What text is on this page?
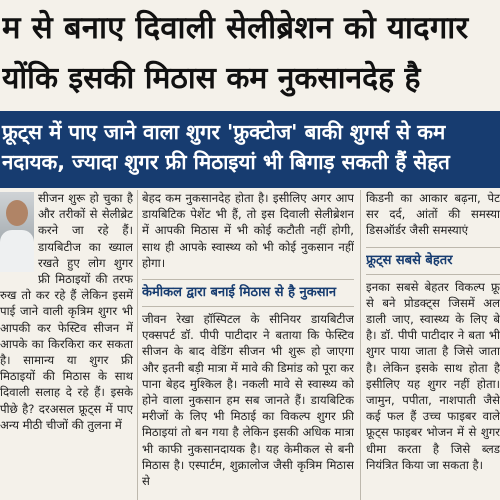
म से बनाए दिवाली सेलीब्रेशन को यादगार
योंकि इसकी मिठास कम नुकसानदेह है
फ्रूट्स में पाए जाने वाला शुगर 'फ्रुक्टोज' बाकी शुगर्स से कम
नदायक, ज्यादा शुगर फ्री मिठाइयां भी बिगाड़ सकती हैं सेहत

सीजन शुरू हो चुका है और तरीकों से सेलीब्रेट करने जा रहे हैं। डायबिटीज का ख्याल रखते हुए लोग शुगर फ्री मिठाइयों की तरफ रुख तो कर रहे हैं लेकिन इसमें पाई जाने वाली कृत्रिम शुगर भी आपकी कर फेस्टिव सीजन में आपके का किरकिरा कर सकता है। सामान्य या शुगर फ्री मिठाइयों की मिठास के साथ दिवाली सलाह दे रहे हैं। इसके पीछे है? दरअसल फ्रूट्स में पाए अन्य मीठी चीजों की तुलना में

बेहद कम नुकसानदेह होता है। इसीलिए अगर आप डायबिटिक पेशेंट भी हैं, तो इस दिवाली सेलीब्रेशन में आपकी मिठास में भी कोई कटौती नहीं होगी, साथ ही आपके स्वास्थ्य को भी कोई नुकसान नहीं होगा।

केमीकल द्वारा बनाई मिठास से है नुकसान

जीवन रेखा हॉस्पिटल के सीनियर डायबिटीज एक्सपर्ट डॉ. पीपी पाटीदार ने बताया कि फेस्टिव सीजन के बाद वेडिंग सीजन भी शुरू हो जाएगा और इतनी बड़ी मात्रा में मावे की डिमांड को पूरा कर पाना बेहद मुश्किल है। नकली मावे से स्वास्थ्य को होने वाला नुकसान हम सब जानते हैं। डायबिटिक मरीजों के लिए भी मिठाई का विकल्प शुगर फ्री मिठाइयां तो बन गया है लेकिन इसकी अधिक मात्रा भी काफी नुकसानदायक है। यह केमीकल से बनी मिठास है। एस्पार्टम, शुक्रालोज जैसी कृत्रिम मिठास से

किडनी का आकार बढ़ना, पेट सर दर्द, आंतों की समस्या डिसऑर्डर जैसी समस्याएं

फ्रूट्स सबसे बेहतर

इनका सबसे बेहतर विकल्प फ्रू से बने प्रोडक्ट्स जिसमें अल डाली जाए, स्वास्थ्य के लिए बे है। डॉ. पीपी पाटीदार ने बता भी शुगर पाया जाता है जिसे जाता है। लेकिन इसके साथ होता है इसीलिए यह शुगर नहीं होता। जामुन, पपीता, नाशपाती जैसे कई फल हैं उच्च फाइबर वाले फ्रूट्स फाइबर भोजन में से शुगर धीमा करता है जिसे ब्लड नियंत्रित किया जा सकता है।
